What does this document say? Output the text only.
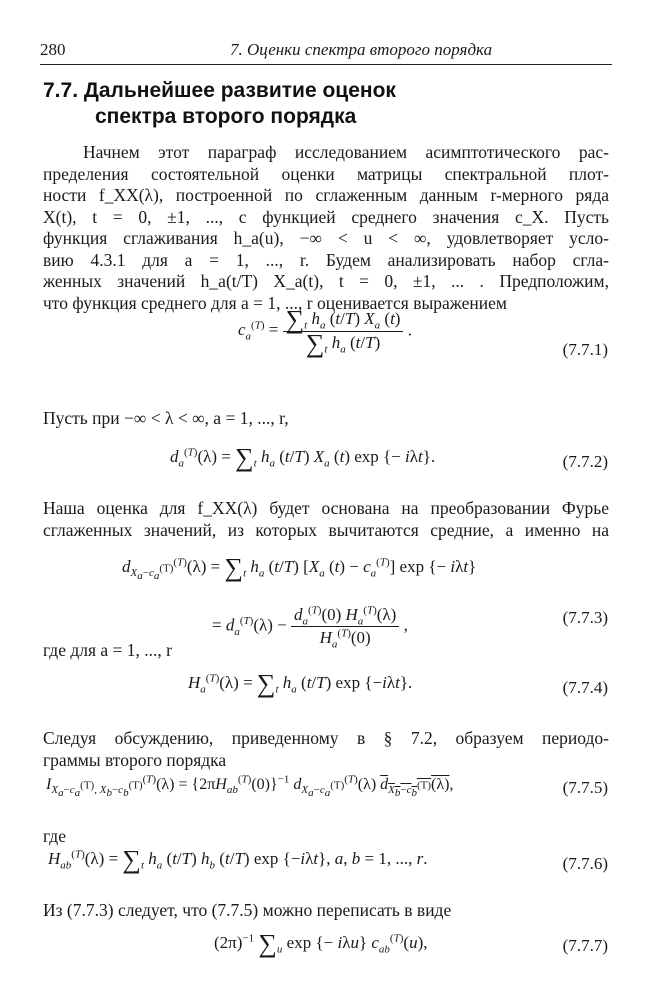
280	7. Оценки спектра второго порядка
7.7. Дальнейшее развитие оценок
спектра второго порядка
Начнем этот параграф исследованием асимптотического рас-
пределения состоятельной оценки матрицы спектральной плот-
ности f_XX(λ), построенной по сглаженным данным r-мерного ряда
X(t), t = 0, ±1, ..., с функцией среднего значения c_X. Пусть
функция сглаживания h_a(u), −∞ < u < ∞, удовлетворяет усло-
вию 4.3.1 для a = 1, ..., r. Будем анализировать набор сгла-
женных значений h_a(t/T) X_a(t), t = 0, ±1, ... . Предположим,
что функция среднего для a = 1, ..., r оценивается выражением
$c_a^{(T)} = \frac{\sum_t h_a (t/T) X_a (t)}{\sum_t h_a (t/T)}$ .
(7.7.1)
Пусть при −∞ < λ < ∞, a = 1, ..., r,
$d_a^{(T)}(\lambda) = \sum_t$ $h_a$ (t/T) $X_a$ (t) exp {− iλt}.	(7.7.2)
Наша оценка для f_XX(λ) будет основана на преобразовании Фурье
сглаженных значений, из которых вычитаются средние, а именно на
$d_{X_a-c_a^{(T)}}^{(T)}(\lambda) = \sum_t$ $h_a$ (t/T) [$X_a$ $(t) - c_a^{(T)}$] exp {− iλt}
= $d_a^{(T)}(\lambda) - \frac{d_a^{(T)}(0) H_a^{(T)}(\lambda)}{H_a^{(T)}(0)}$ ,	(7.7.3)
где для a = 1, ..., r
$H_a^{(T)}(\lambda) = \sum_t$ $h_a$ (t/T) exp {−iλt}.	(7.7.4)
Следуя обсуждению, приведенному в § 7.2, образуем периодо-
граммы второго порядка
$I_{X_a-c_a^{(T)}, X_b-c_b^{(T)}}^{(T)}(\lambda) = \{2\pi H_{ab}^{(T)}(0)\}^{-1}$ $d_{X_a-c_a^{(T)}}^{(T)}(\lambda)$ $d_{X_b-c_b^{(T)}}(\lambda)$,	(7.7.5)
где
$H_{ab}^{(T)}(\lambda) = \sum_t$ $h_a$ (t/T) $h_b$ (t/T) exp {−iλt}, a, b = 1, ..., r.	(7.7.6)
Из (7.7.3) следует, что (7.7.5) можно переписать в виде
$(2\pi)^{-1}$ $\sum_u$ exp {− iλu} $c_{ab}^{(T)}(u)$,	(7.7.7)
